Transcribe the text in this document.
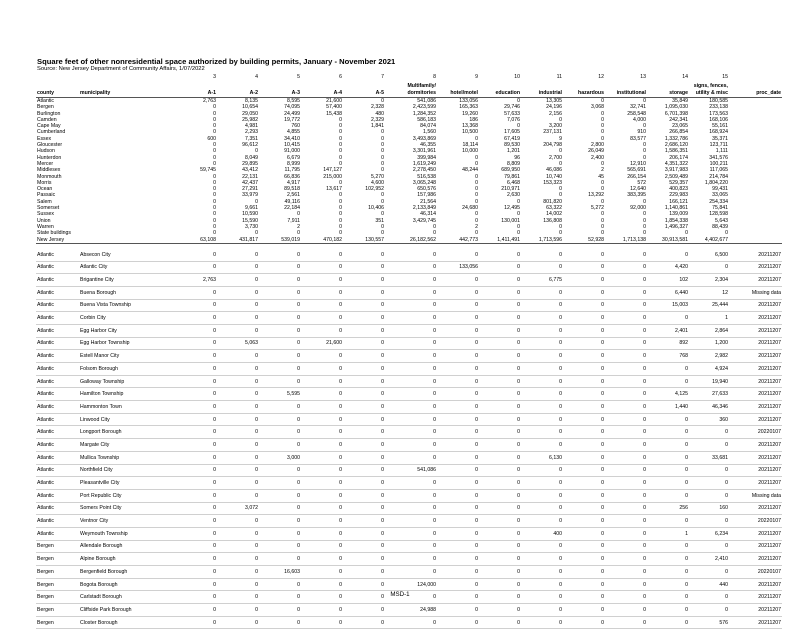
Square feet of other nonresidential space authorized by building permits, January - November 2021
Source: New Jersey Department of Community Affairs, 1/07/2022
		3	4	5	6	7	8	9	10	11	12	13	14	15	
							Multifamily/							signs, fences,	
county	municipality	A-1	A-2	A-3	A-4	A-5	dormitories	hotel/motel	education	industrial	hazardous	institutional	storage	utility & misc	proc_date
Atlantic		2,763	8,135	8,595	21,600	0	541,086	133,056	0	13,305	0	0	35,849	180,585	
Bergen		0	10,654	74,095	57,400	2,328	2,423,599	165,363	29,746	24,196	3,068	32,741	1,095,030	233,138	
Burlington		0	29,050	24,499	15,438	480	1,284,352	19,260	57,633	2,156	0	258,548	6,701,398	173,563	
Camden		0	25,982	19,772	0	2,329	586,183	186	7,076	0	0	4,000	242,341	168,106	
Cape May		0	4,981	760	0	1,841	84,074	13,368	0	3,200	0	0	23,065	55,161	
Cumberland		0	2,293	4,855	0	0	1,560	10,500	17,605	237,131	0	910	266,854	168,924	
Essex		600	7,351	34,410	0	0	3,493,869	0	67,419	9	0	83,577	1,332,786	35,371	
Gloucester		0	96,612	10,415	0	0	46,355	18,114	89,530	204,798	2,800	0	2,686,120	123,711	
Hudson		0	0	91,000	0	0	3,301,961	10,000	1,201	0	26,049	0	1,586,351	1,111	
Hunterdon		0	8,049	6,679	0	0	399,984	0	96	2,700	2,400	0	206,174	341,576	
Mercer		0	29,895	8,999	0	0	1,619,249	0	8,809	0	0	12,910	4,351,322	100,211	
Middlesex		59,745	43,412	11,795	147,127	0	2,278,450	48,244	689,950	46,086	2	565,691	3,917,983	117,065	
Monmouth		0	22,131	66,836	215,000	5,270	516,538	0	79,861	10,740	45	266,154	2,509,489	214,784	
Morris		0	42,437	4,917	0	4,600	3,065,248	0	6,468	153,323	0	572	529,357	1,804,220	
Ocean		0	27,291	89,518	13,617	102,952	650,576	0	210,971	0	0	12,640	400,823	99,431	
Passaic		0	33,979	2,561	0	0	157,986	0	2,630	0	13,292	383,395	229,983	33,065	
Salem		0	0	49,116	0	0	21,564	0	0	801,820	0	0	166,121	254,334	
Somerset		0	9,661	22,184	0	10,406	2,133,849	24,680	12,495	63,322	5,272	92,000	1,140,861	75,841	
Sussex		0	10,590	0	0	0	46,314	0	0	14,002	0	0	139,009	128,598	
Union		0	15,590	7,911	0	351	3,429,745	0	130,001	136,808	0	0	1,854,338	5,643	
Warren		0	3,730	2	0	0	0	2	0	0	0	0	1,496,327	88,439	
State buildings		0	0	0	0	0	0	0	0	0	0	0	0	0	
New Jersey		63,108	431,817	539,019	470,182	130,557	26,182,562	442,773	1,411,491	1,713,596	52,928	1,713,138	30,913,581	4,402,677	

Atlantic	Absecon City	0	0	0	0	0	0	0	0	0	0	0	0	6,500	20211207
Atlantic	Atlantic City	0	0	0	0	0	0	133,056	0	0	0	0	4,420	0	20211207
Atlantic	Brigantine City	2,763	0	0	0	0	0	0	0	6,775	0	0	102	2,304	20211207
Atlantic	Buena Borough	0	0	0	0	0	0	0	0	0	0	0	6,440	12	Missing data
Atlantic	Buena Vista Township	0	0	0	0	0	0	0	0	0	0	0	15,003	25,444	20211207
Atlantic	Corbin City	0	0	0	0	0	0	0	0	0	0	0	0	1	20211207
Atlantic	Egg Harbor City	0	0	0	0	0	0	0	0	0	0	0	2,401	2,864	20211207
Atlantic	Egg Harbor Township	0	5,063	0	21,600	0	0	0	0	0	0	0	892	1,200	20211207
Atlantic	Estell Manor City	0	0	0	0	0	0	0	0	0	0	0	768	2,982	20211207
Atlantic	Folsom Borough	0	0	0	0	0	0	0	0	0	0	0	0	4,924	20211207
Atlantic	Galloway Township	0	0	0	0	0	0	0	0	0	0	0	0	19,940	20211207
Atlantic	Hamilton Township	0	0	5,595	0	0	0	0	0	0	0	0	4,125	27,633	20211207
Atlantic	Hammonton Town	0	0	0	0	0	0	0	0	0	0	0	1,440	46,346	20211207
Atlantic	Linwood City	0	0	0	0	0	0	0	0	0	0	0	0	360	20211207
Atlantic	Longport Borough	0	0	0	0	0	0	0	0	0	0	0	0	0	20220107
Atlantic	Margate City	0	0	0	0	0	0	0	0	0	0	0	0	0	20211207
Atlantic	Mullica Township	0	0	3,000	0	0	0	0	0	6,130	0	0	0	33,681	20211207
Atlantic	Northfield City	0	0	0	0	0	541,086	0	0	0	0	0	0	0	20211207
Atlantic	Pleasantville City	0	0	0	0	0	0	0	0	0	0	0	0	0	20211207
Atlantic	Port Republic City	0	0	0	0	0	0	0	0	0	0	0	0	0	Missing data
Atlantic	Somers Point City	0	3,072	0	0	0	0	0	0	0	0	0	256	160	20211207
Atlantic	Ventnor City	0	0	0	0	0	0	0	0	0	0	0	0	0	20220107
Atlantic	Weymouth Township	0	0	0	0	0	0	0	0	400	0	0	1	6,234	20211207
Bergen	Allendale Borough	0	0	0	0	0	0	0	0	0	0	0	0	0	20211207
Bergen	Alpine Borough	0	0	0	0	0	0	0	0	0	0	0	0	2,410	20211207
Bergen	Bergenfield Borough	0	0	16,603	0	0	0	0	0	0	0	0	0	0	20220107
Bergen	Bogota Borough	0	0	0	0	0	124,000	0	0	0	0	0	0	440	20211207
Bergen	Carlstadt Borough	0	0	0	0	0	0	0	0	0	0	0	0	0	20211207
Bergen	Cliffside Park Borough	0	0	0	0	0	24,988	0	0	0	0	0	0	0	20211207
Bergen	Closter Borough	0	0	0	0	0	0	0	0	0	0	0	0	576	20211207
MSD-1
